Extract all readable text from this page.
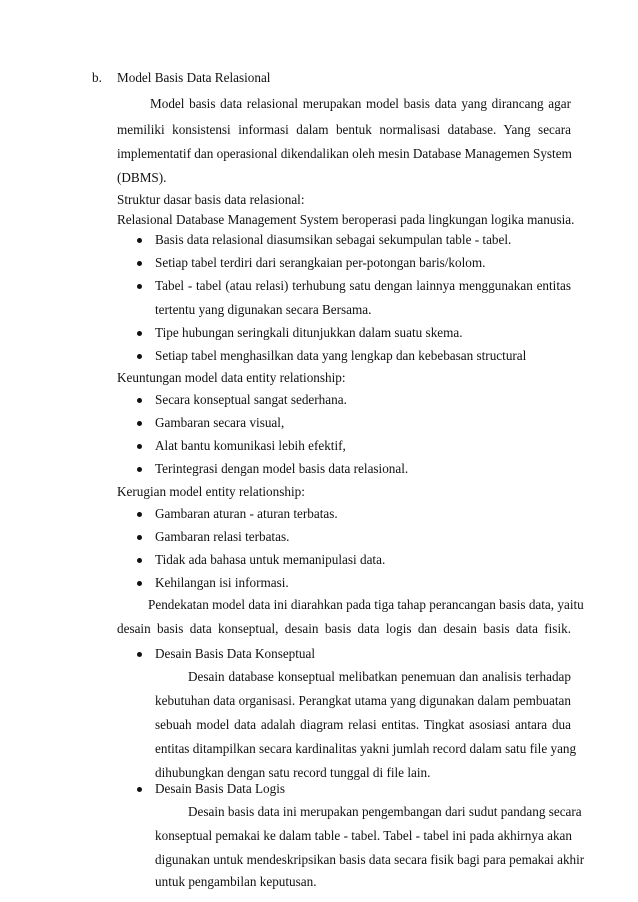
b. Model Basis Data Relasional
Model basis data relasional merupakan model basis data yang dirancang agar
memiliki konsistensi informasi dalam bentuk normalisasi database. Yang secara
implementatif dan operasional dikendalikan oleh mesin Database Managemen System
(DBMS).
Struktur dasar basis data relasional:
Relasional Database Management System beroperasi pada lingkungan logika manusia.
Basis data relasional diasumsikan sebagai sekumpulan table - tabel.
Setiap tabel terdiri dari serangkaian per-potongan baris/kolom.
Tabel - tabel (atau relasi) terhubung satu dengan lainnya menggunakan entitas
tertentu yang digunakan secara Bersama.
Tipe hubungan seringkali ditunjukkan dalam suatu skema.
Setiap tabel menghasilkan data yang lengkap dan kebebasan structural
Keuntungan model data entity relationship:
Secara konseptual sangat sederhana.
Gambaran secara visual,
Alat bantu komunikasi lebih efektif,
Terintegrasi dengan model basis data relasional.
Kerugian model entity relationship:
Gambaran aturan - aturan terbatas.
Gambaran relasi terbatas.
Tidak ada bahasa untuk memanipulasi data.
Kehilangan isi informasi.
Pendekatan model data ini diarahkan pada tiga tahap perancangan basis data, yaitu
desain basis data konseptual, desain basis data logis dan desain basis data fisik.
Desain Basis Data Konseptual
Desain database konseptual melibatkan penemuan dan analisis terhadap
kebutuhan data organisasi. Perangkat utama yang digunakan dalam pembuatan
sebuah model data adalah diagram relasi entitas. Tingkat asosiasi antara dua
entitas ditampilkan secara kardinalitas yakni jumlah record dalam satu file yang
dihubungkan dengan satu record tunggal di file lain.
Desain Basis Data Logis
Desain basis data ini merupakan pengembangan dari sudut pandang secara
konseptual pemakai ke dalam table - tabel. Tabel - tabel ini pada akhirnya akan
digunakan untuk mendeskripsikan basis data secara fisik bagi para pemakai akhir
untuk pengambilan keputusan.
